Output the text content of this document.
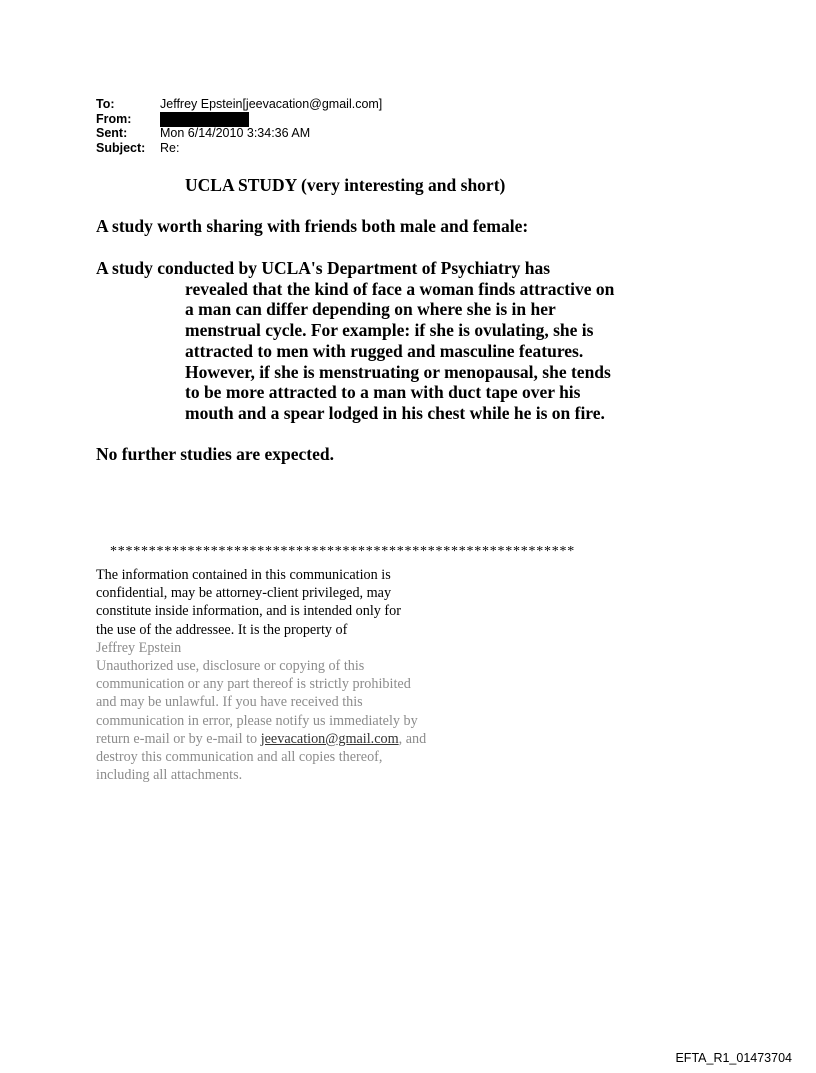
To:	Jeffrey Epstein[jeevacation@gmail.com]
From:
Sent:	Mon 6/14/2010 3:34:36 AM
Subject:	Re:
UCLA STUDY (very interesting and short)
A study worth sharing with friends both male and female:
A study conducted by UCLA's Department of Psychiatry has
revealed that the kind of face a woman finds attractive on
a man can differ depending on where she is in her
menstrual cycle. For example: if she is ovulating, she is
attracted to men with rugged and masculine features.
However, if she is menstruating or menopausal, she tends
to be more attracted to a man with duct tape over his
mouth and a spear lodged in his chest while he is on fire.
No further studies are expected.
************************************************************
The information contained in this communication is
confidential, may be attorney-client privileged, may
constitute inside information, and is intended only for
the use of the addressee. It is the property of
Jeffrey Epstein
Unauthorized use, disclosure or copying of this
communication or any part thereof is strictly prohibited
and may be unlawful. If you have received this
communication in error, please notify us immediately by
return e-mail or by e-mail to jeevacation@gmail.com, and
destroy this communication and all copies thereof,
including all attachments.
EFTA_R1_01473704
